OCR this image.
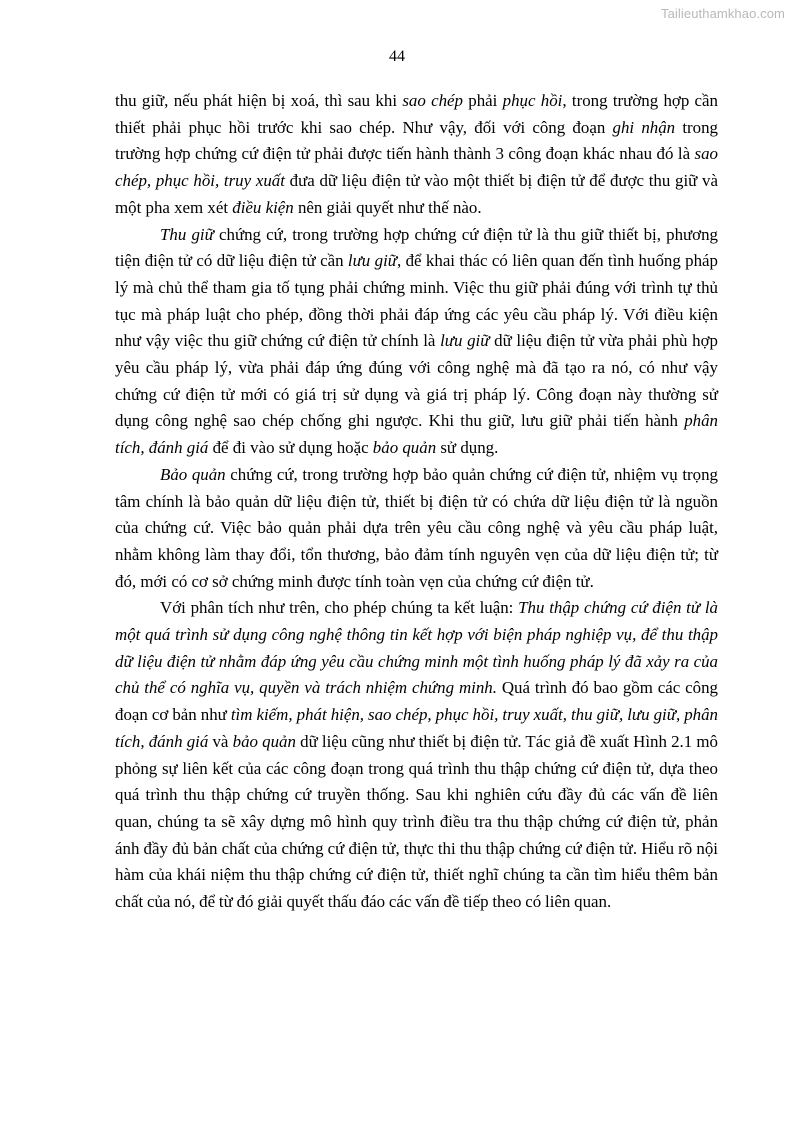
Tailieuthamkhao.com
44

thu giữ, nếu phát hiện bị xoá, thì sau khi sao chép phải phục hồi, trong trường hợp cần thiết phải phục hồi trước khi sao chép. Như vậy, đối với công đoạn ghi nhận trong trường hợp chứng cứ điện tử phải được tiến hành thành 3 công đoạn khác nhau đó là sao chép, phục hồi, truy xuất đưa dữ liệu điện tử vào một thiết bị điện tử để được thu giữ và một pha xem xét điều kiện nên giải quyết như thế nào.

Thu giữ chứng cứ, trong trường hợp chứng cứ điện tử là thu giữ thiết bị, phương tiện điện tử có dữ liệu điện tử cần lưu giữ, để khai thác có liên quan đến tình huống pháp lý mà chủ thể tham gia tố tụng phải chứng minh. Việc thu giữ phải đúng với trình tự thủ tục mà pháp luật cho phép, đồng thời phải đáp ứng các yêu cầu pháp lý. Với điều kiện như vậy việc thu giữ chứng cứ điện tử chính là lưu giữ dữ liệu điện tử vừa phải phù hợp yêu cầu pháp lý, vừa phải đáp ứng đúng với công nghệ mà đã tạo ra nó, có như vậy chứng cứ điện tử mới có giá trị sử dụng và giá trị pháp lý. Công đoạn này thường sử dụng công nghệ sao chép chống ghi ngược. Khi thu giữ, lưu giữ phải tiến hành phân tích, đánh giá để đi vào sử dụng hoặc bảo quản sử dụng.

Bảo quản chứng cứ, trong trường hợp bảo quản chứng cứ điện tử, nhiệm vụ trọng tâm chính là bảo quản dữ liệu điện tử, thiết bị điện tử có chứa dữ liệu điện tử là nguồn của chứng cứ. Việc bảo quản phải dựa trên yêu cầu công nghệ và yêu cầu pháp luật, nhằm không làm thay đổi, tổn thương, bảo đảm tính nguyên vẹn của dữ liệu điện tử; từ đó, mới có cơ sở chứng minh được tính toàn vẹn của chứng cứ điện tử.

Với phân tích như trên, cho phép chúng ta kết luận: Thu thập chứng cứ điện tử là một quá trình sử dụng công nghệ thông tin kết hợp với biện pháp nghiệp vụ, để thu thập dữ liệu điện tử nhằm đáp ứng yêu cầu chứng minh một tình huống pháp lý đã xảy ra của chủ thể có nghĩa vụ, quyền và trách nhiệm chứng minh. Quá trình đó bao gồm các công đoạn cơ bản như tìm kiếm, phát hiện, sao chép, phục hồi, truy xuất, thu giữ, lưu giữ, phân tích, đánh giá và bảo quản dữ liệu cũng như thiết bị điện tử. Tác giả đề xuất Hình 2.1 mô phỏng sự liên kết của các công đoạn trong quá trình thu thập chứng cứ điện tử, dựa theo quá trình thu thập chứng cứ truyền thống. Sau khi nghiên cứu đầy đủ các vấn đề liên quan, chúng ta sẽ xây dựng mô hình quy trình điều tra thu thập chứng cứ điện tử, phản ánh đầy đủ bản chất của chứng cứ điện tử, thực thi thu thập chứng cứ điện tử. Hiểu rõ nội hàm của khái niệm thu thập chứng cứ điện tử, thiết nghĩ chúng ta cần tìm hiểu thêm bản chất của nó, để từ đó giải quyết thấu đáo các vấn đề tiếp theo có liên quan.
